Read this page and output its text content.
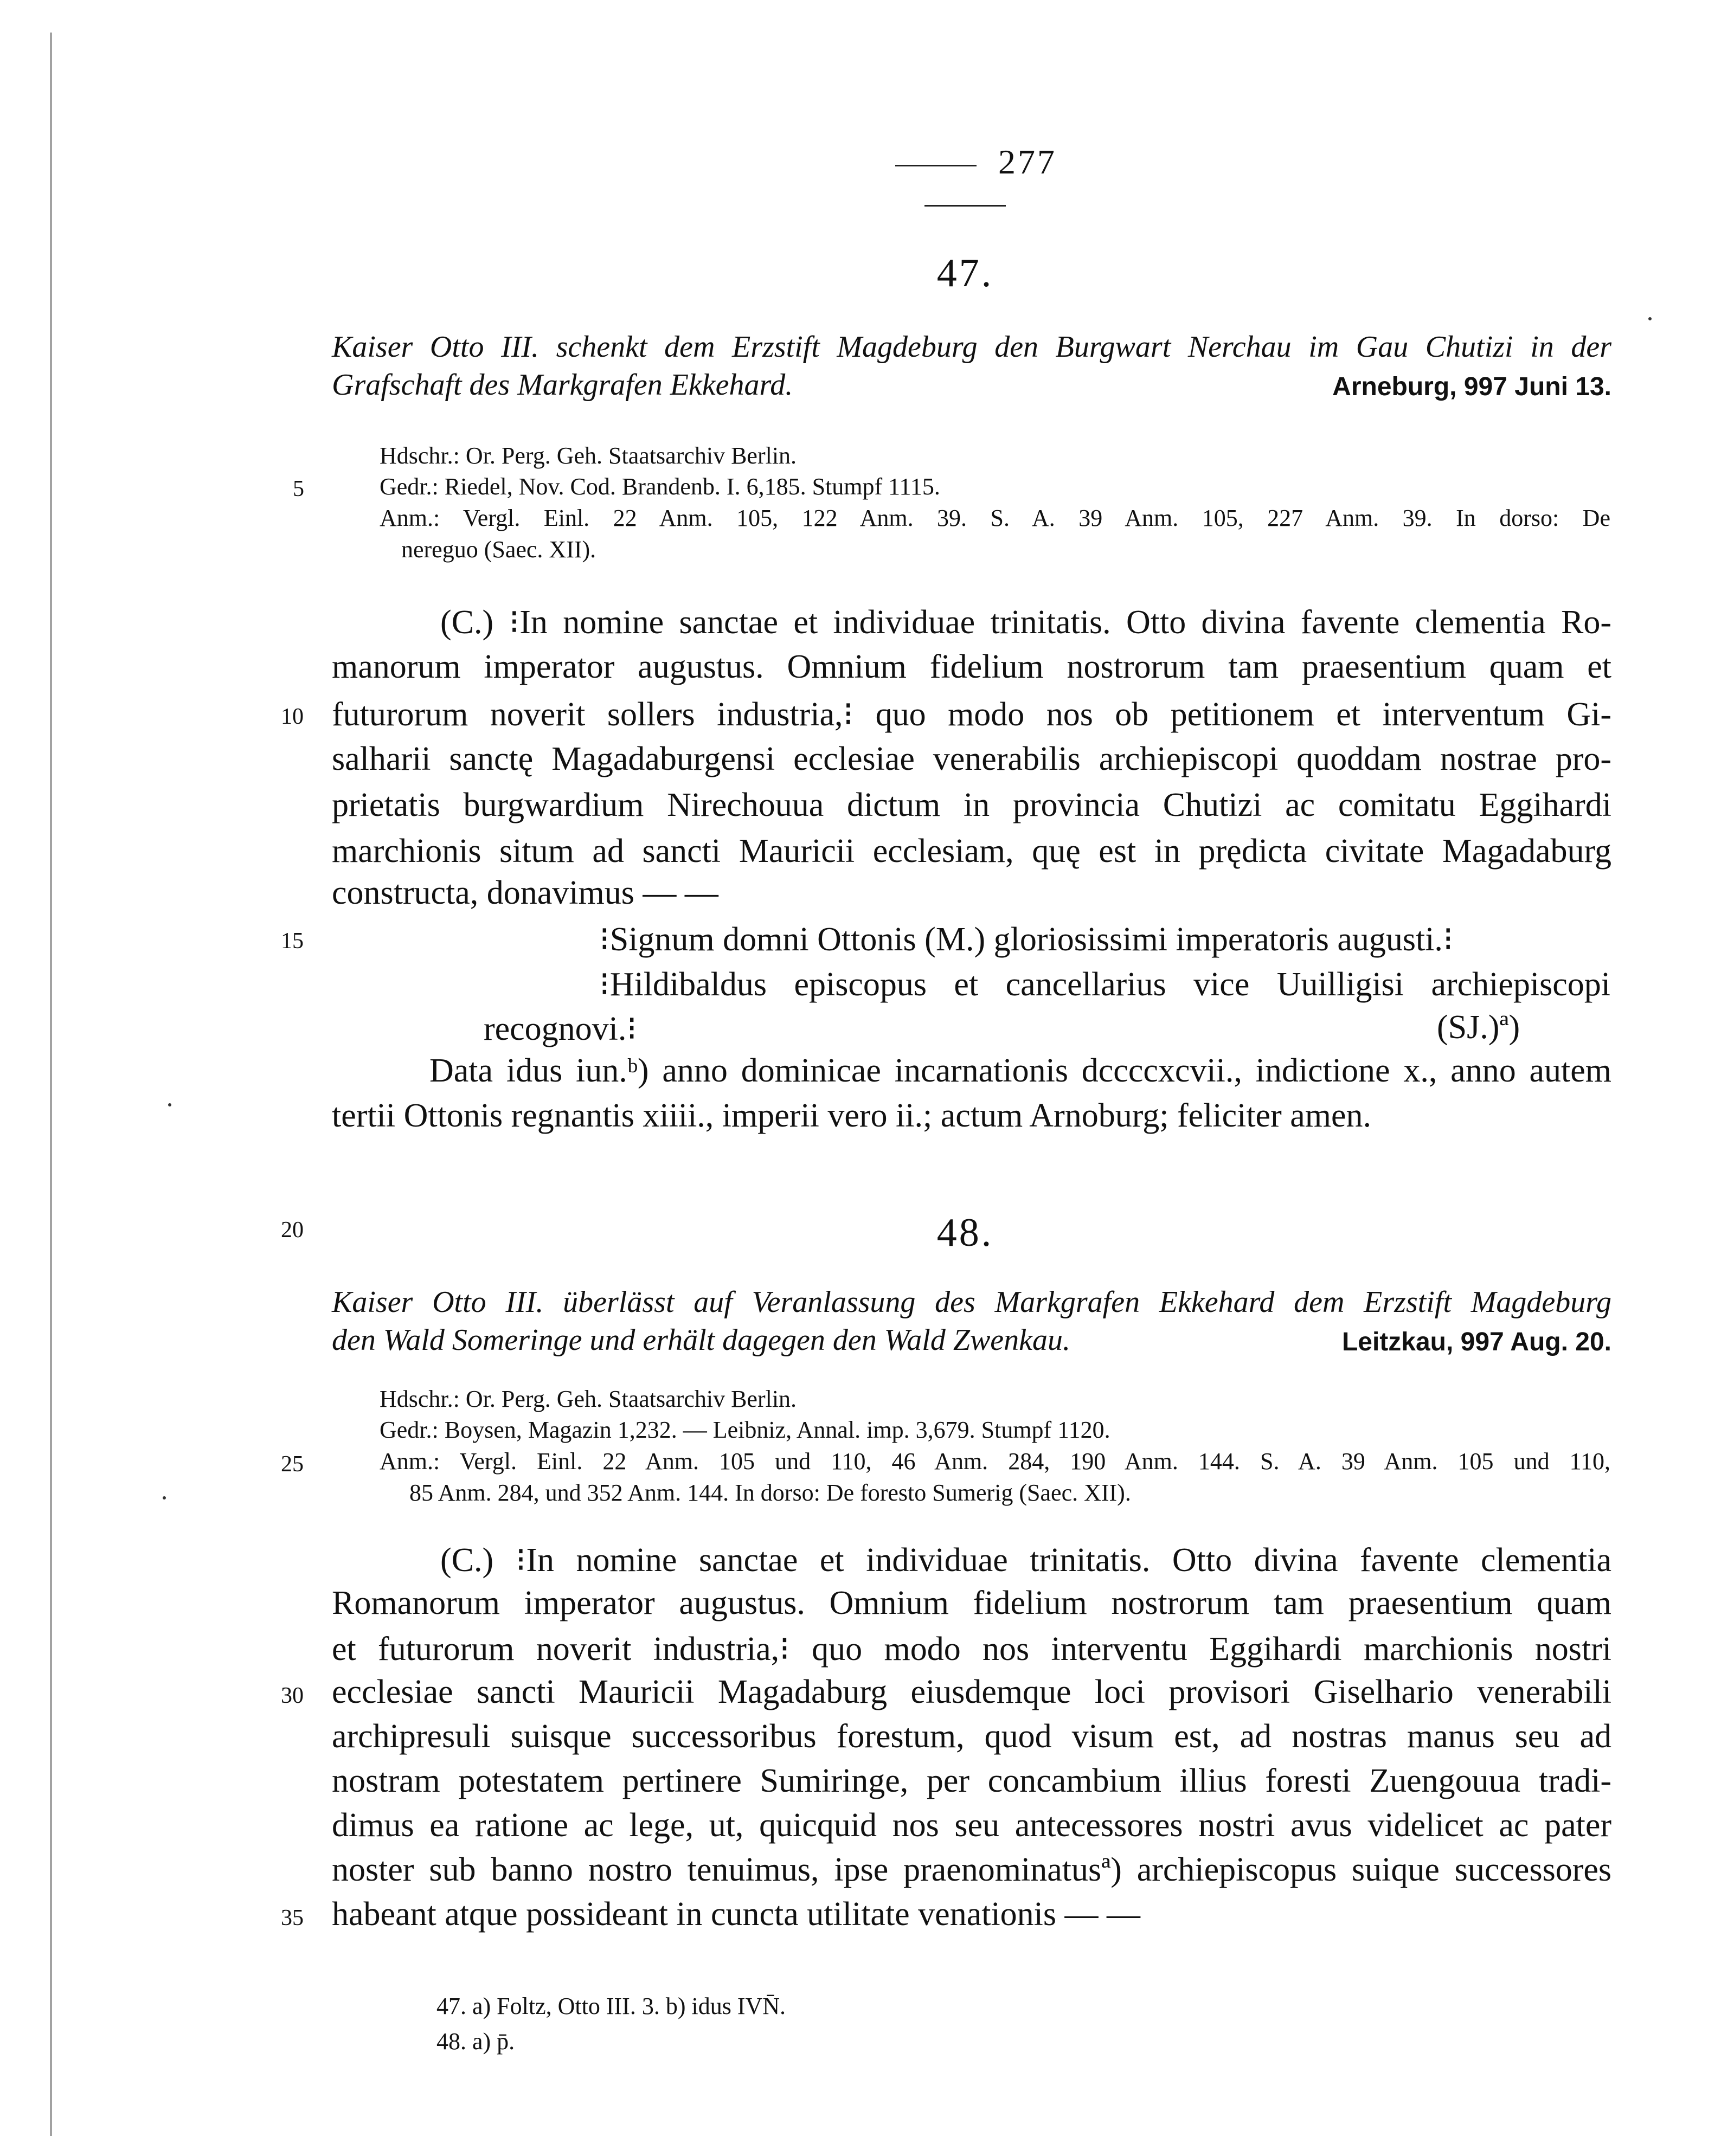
277
47.
Kaiser Otto III. schenkt dem Erzstift Magdeburg den Burgwart Nerchau im Gau Chutizi in der
Grafschaft des Markgrafen Ekkehard.	Arneburg, 997 Juni 13.
Hdschr.: Or. Perg. Geh. Staatsarchiv Berlin.
Gedr.: Riedel, Nov. Cod. Brandenb. I. 6,185. Stumpf 1115.
Anm.: Vergl. Einl. 22 Anm. 105, 122 Anm. 39. S. A. 39 Anm. 105, 227 Anm. 39. In dorso: De
nereguo (Saec. XII).
(C.) ⁝In nomine sanctae et individuae trinitatis. Otto divina favente clementia Ro-
manorum imperator augustus. Omnium fidelium nostrorum tam praesentium quam et
futurorum noverit sollers industria,⁝ quo modo nos ob petitionem et interventum Gi-
salharii sanctę Magadaburgensi ecclesiae venerabilis archiepiscopi quoddam nostrae pro-
prietatis burgwardium Nirechouua dictum in provincia Chutizi ac comitatu Eggihardi
marchionis situm ad sancti Mauricii ecclesiam, quę est in prędicta civitate Magadaburg
constructa, donavimus — —
⁝Signum domni Ottonis (M.) gloriosissimi imperatoris augusti.⁝
⁝Hildibaldus episcopus et cancellarius vice Uuilligisi archiepiscopi
recognovi.⁝	(SJ.)ª)
Data idus iun.ᵇ) anno dominicae incarnationis dccccxcvii., indictione x., anno autem
tertii Ottonis regnantis xiiii., imperii vero ii.; actum Arnoburg; feliciter amen.
48.
Kaiser Otto III. überlässt auf Veranlassung des Markgrafen Ekkehard dem Erzstift Magdeburg
den Wald Someringe und erhält dagegen den Wald Zwenkau.	Leitzkau, 997 Aug. 20.
Hdschr.: Or. Perg. Geh. Staatsarchiv Berlin.
Gedr.: Boysen, Magazin 1,232. — Leibniz, Annal. imp. 3,679. Stumpf 1120.
Anm.: Vergl. Einl. 22 Anm. 105 und 110, 46 Anm. 284, 190 Anm. 144. S. A. 39 Anm. 105 und 110,
85 Anm. 284, und 352 Anm. 144. In dorso: De foresto Sumerig (Saec. XII).
(C.) ⁝In nomine sanctae et individuae trinitatis. Otto divina favente clementia
Romanorum imperator augustus. Omnium fidelium nostrorum tam praesentium quam
et futurorum noverit industria,⁝ quo modo nos interventu Eggihardi marchionis nostri
ecclesiae sancti Mauricii Magadaburg eiusdemque loci provisori Giselhario venerabili
archipresuli suisque successoribus forestum, quod visum est, ad nostras manus seu ad
nostram potestatem pertinere Sumiringe, per concambium illius foresti Zuengouua tradi-
dimus ea ratione ac lege, ut, quicquid nos seu antecessores nostri avus videlicet ac pater
noster sub banno nostro tenuimus, ipse praenominatusª) archiepiscopus suique successores
habeant atque possideant in cuncta utilitate venationis — —
5
10
15
20
25
30
35
47. a) Foltz, Otto III. 3. b) idus IVN̄.
48. a) p̄.
